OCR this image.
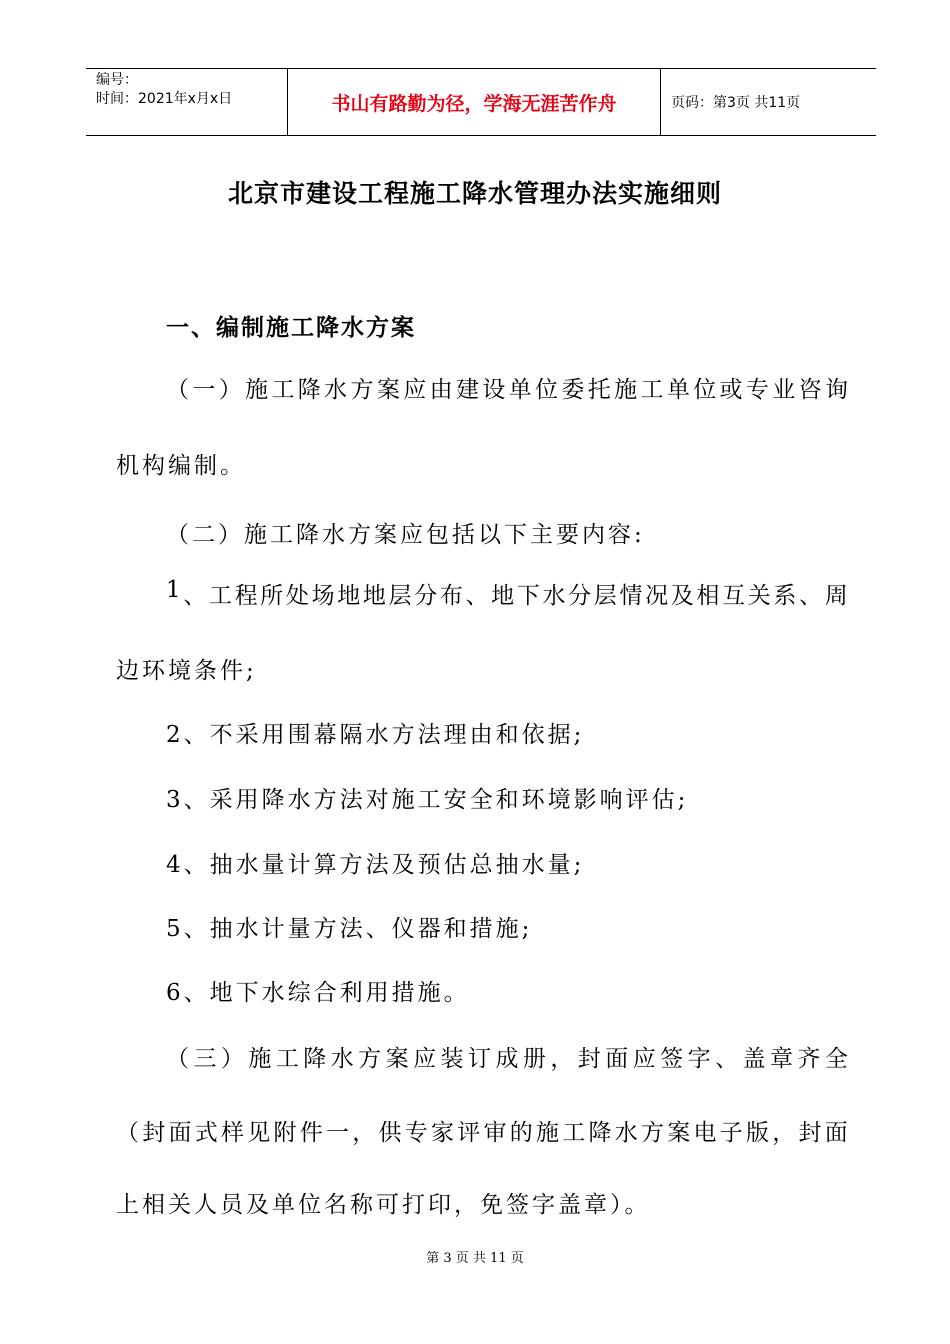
编号：
时间：2021年x月x日	书山有路勤为径，学海无涯苦作舟	页码：第3页 共11页
北京市建设工程施工降水管理办法实施细则
一、编制施工降水方案
（ 一 ） 施 工 降 水 方 案 应 由 建 设 单 位 委 托 施 工 单 位 或 专 业 咨 询
机构编制。
（二）施工降水方案应包括以下主要内容:
1 、 工 程 所 处 场 地 地 层 分 布 、 地 下 水 分 层 情 况 及 相 互 关 系 、 周
边环境条件;
2、不采用围幕隔水方法理由和依据;
3、采用降水方法对施工安全和环境影响评估;
4、抽水量计算方法及预估总抽水量;
5、抽水计量方法、仪器和措施;
6、地下水综合利用措施。
（ 三 ） 施 工 降 水 方 案 应 装 订 成 册 ， 封 面 应 签 字 、 盖 章 齐 全
（ 封 面 式 样 见 附 件 一 ， 供 专 家 评 审 的 施 工 降 水 方 案 电 子 版 ， 封 面
上相关人员及单位名称可打印，免签字盖章）。
第 3 页 共 11 页
